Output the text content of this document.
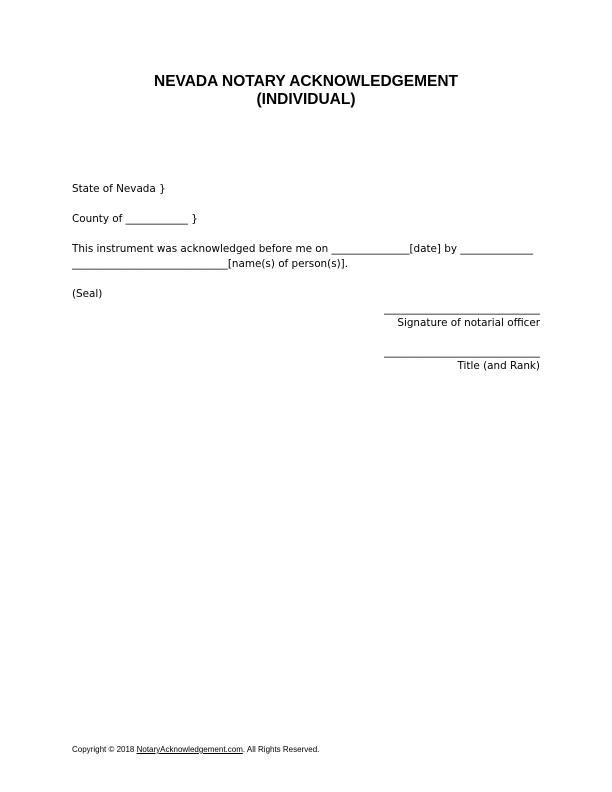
NEVADA NOTARY ACKNOWLEDGEMENT
(INDIVIDUAL)

State of Nevada }

County of ____________ }

This instrument was acknowledged before me on _______________[date] by ______________

______________________________[name(s) of person(s)].

(Seal)

______________________________

Signature of notarial officer

______________________________

Title (and Rank)

Copyright © 2018 NotaryAcknowledgement.com. All Rights Reserved.
